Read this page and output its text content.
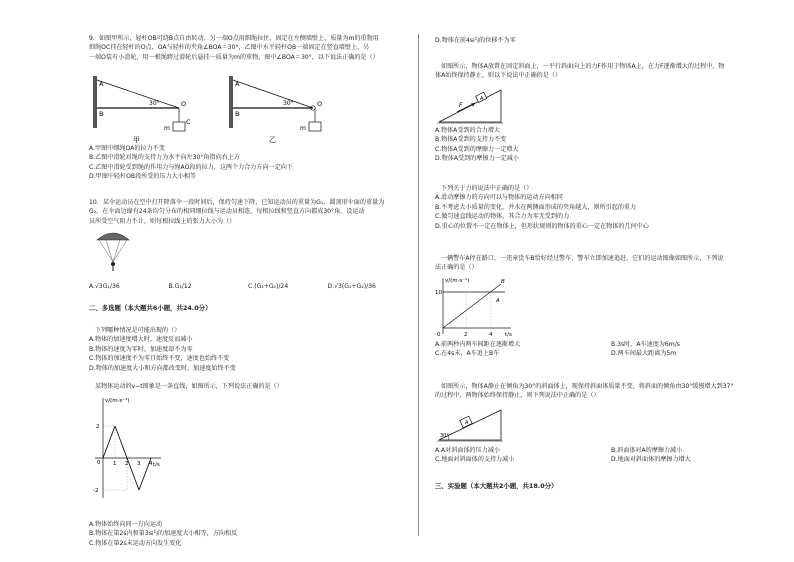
9．如图甲所示，轻杆OB可绕B点自由转动，另一端O点用细绳拉住，固定在左侧墙壁上，质量为m的重物用
细绳OC挂在轻杆的O点，OA与轻杆的夹角∠BOA＝30°，乙图中水平轻杆OB一端固定在竖直墙壁上，另
一端O装有小滑轮，用一根绳跨过滑轮后悬挂一质量为m的重物，图中∠BOA＝30°，以下说法正确的是（）
A
B
O
C
m
30°
甲
A
B
O
m
30°
乙
A.甲图中细绳OA的拉力不变
B.乙图中滑轮对绳的支持力为水平向左30°角指向右上方
C.乙图中滑轮受到绳的作用力与绳AO段的拉力，这两个力合力方向一定向下
D.甲图中轻杆OB段所受的压力大小相等
10．某伞运动员在空中打开降落伞一段时间后，保持匀速下降，已知运动员的重量为G₁，圆顶形伞面的重量为
G₂，在伞面边缘有24条均匀分布的相同细拉线与运动员相连，每根拉线和竖直方向都成30°角。设运动
员所受空气阻力不计，则每根拉线上的张力大小为（）
A.√3G₁/36	B.G₁/12	C.(G₁+G₂)/24	D.√3(G₁+G₂)/36
二、多选题（本大题共6小题，共24.0分）
下列哪种情况是可能出现的（）
A.物体的加速度增大时，速度反而减小
B.物体的速度为零时，加速度却不为零
C.物体的加速度不为零且始终不变，速度也始终不变
D.物体的加速度大小和方向都改变时，加速度始终不变
某物体运动的v−t图象是一条直线，如图所示，下列说法正确的是（）
v/(m·s⁻¹)
t/s
2
-2
0 1 2 3 4
A.物体始终向同一方向运动
B.物体在第2s内和第3s内的加速度大小相等，方向相反
C.物体在第2s末运动方向发生变化
D.物体在前4s内的位移不为零
如图所示，物体A放置在固定斜面上，一平行斜面向上的力F作用于物体A上，在力F逐渐增大的过程中，物
体A始终保持静止，则以下说法中正确的是（）
F
A
A.物体A受到的合力增大
B.物体A受到的支持力不变
C.物体A受到的摩擦力一定增大
D.物体A受到的摩擦力一定减小
下列关于力的说法中正确的是（）
A.滑动摩擦力的方向可以与物体的运动方向相同
B.不考虑大小质量的变化，井水在两侧面形成的夹角越大，则所引起的重力
C.做匀速直线运动的物体，其合力为零无受到的力
D.重心的位置不一定在物体上，但形状规则的物体的重心一定在物体的几何中心
一辆警车A停在路口，一违章货车B恰好经过警车，警车立即加速追赶，它们的运动图像如图所示，下列说
法正确的是（）
v/(m·s⁻¹)
t/s
10
0	2	4
B
A
A.前两秒内两车间距在逐渐增大	B.3s时，A车速度为6m/s
C.在4s末，A车追上B车	D.两车间最大距离为5m
如图所示，物体A静止在倾角为30°的斜面体上，现保持斜面体质量不变，将斜面的倾角由30°缓慢增大到37°
的过程中，两物体始终保持静止，则下列说法中正确的是（）
A
30°
A.A对斜面体的压力减小	B.斜面体对A的摩擦力减小
C.地面对斜面体的支持力减小	D.地面对斜面体的摩擦力增大
三、实验题（本大题共2小题，共18.0分）
